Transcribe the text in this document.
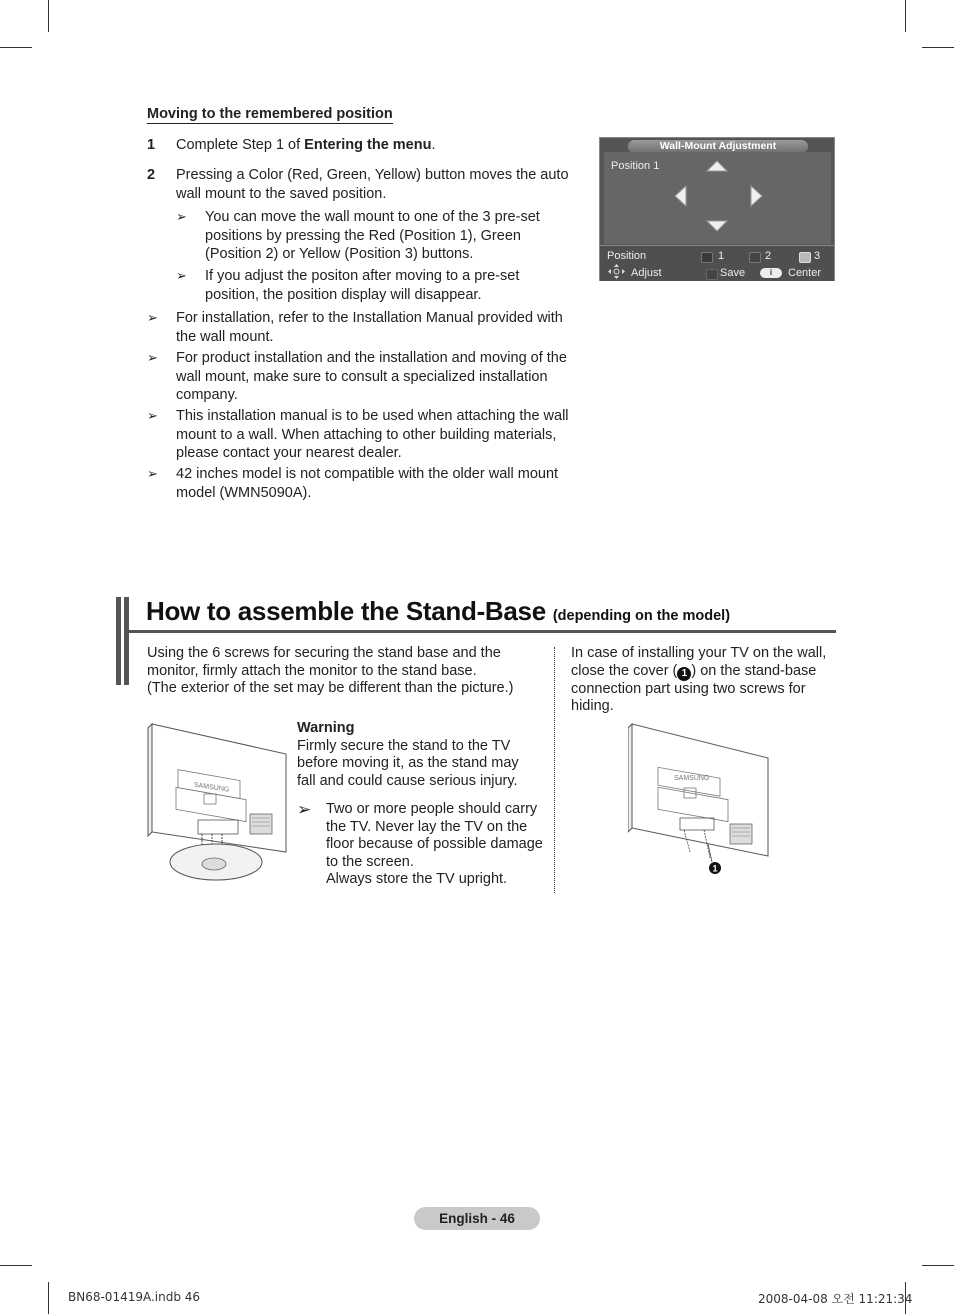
Moving to the remembered position
1 Complete Step 1 of Entering the menu.
2 Pressing a Color (Red, Green, Yellow) button moves the auto wall mount to the saved position.
➢ You can move the wall mount to one of the 3 pre-set positions by pressing the Red (Position 1), Green (Position 2) or Yellow (Position 3) buttons.
➢ If you adjust the positon after moving to a pre-set position, the position display will disappear.
➢ For installation, refer to the Installation Manual provided with the wall mount.
➢ For product installation and the installation and moving of the wall mount, make sure to consult a specialized installation company.
➢ This installation manual is to be used when attaching the wall mount to a wall. When attaching to other building materials, please contact your nearest dealer.
➢ 42 inches model is not compatible with the older wall mount model (WMN5090A).
Wall-Mount Adjustment
Position 1
Position	1	2	3
Adjust	Save	i	Center
How to assemble the Stand-Base (depending on the model)
Using the 6 screws for securing the stand base and the
monitor, firmly attach the monitor to the stand base.
(The exterior of the set may be different than the picture.)
In case of installing your TV on the wall,
close the cover ( 1 ) on the stand-base
connection part using two screws for
hiding.
Warning
Firmly secure the stand to the TV
before moving it, as the stand may
fall and could cause serious injury.
➢ Two or more people should carry
the TV. Never lay the TV on the
floor because of possible damage
to the screen.
Always store the TV upright.
SAMSUNG
SAMSUNG
1
English - 46
BN68-01419A.indb 46	2008-04-08 오전 11:21:34
